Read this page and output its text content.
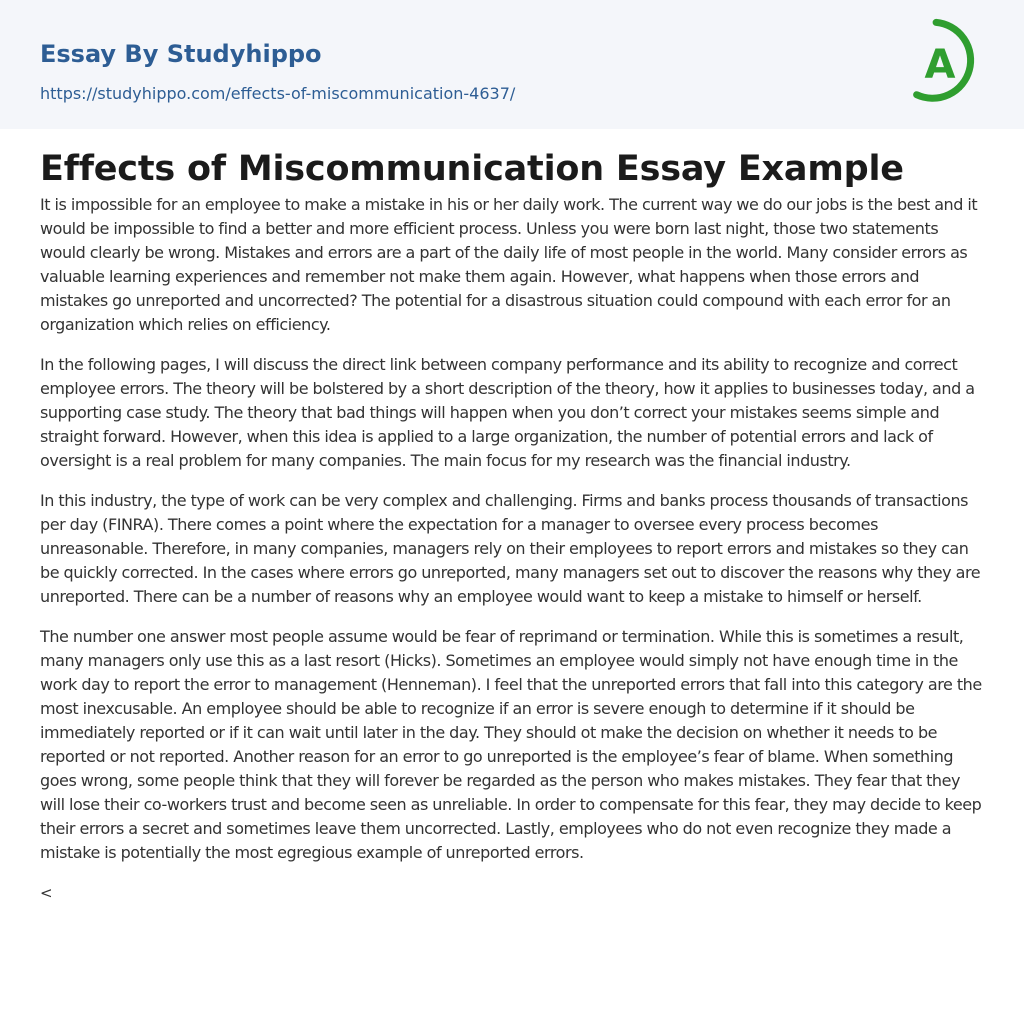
Essay By Studyhippo
https://studyhippo.com/effects-of-miscommunication-4637/
A
Effects of Miscommunication Essay Example

It is impossible for an employee to make a mistake in his or her daily work. The current way we do our jobs is the best and it would be impossible to find a better and more efficient process. Unless you were born last night, those two statements would clearly be wrong. Mistakes and errors are a part of the daily life of most people in the world. Many consider errors as valuable learning experiences and remember not make them again. However, what happens when those errors and mistakes go unreported and uncorrected? The potential for a disastrous situation could compound with each error for an organization which relies on efficiency.

In the following pages, I will discuss the direct link between company performance and its ability to recognize and correct employee errors. The theory will be bolstered by a short description of the theory, how it applies to businesses today, and a supporting case study. The theory that bad things will happen when you don’t correct your mistakes seems simple and straight forward. However, when this idea is applied to a large organization, the number of potential errors and lack of oversight is a real problem for many companies. The main focus for my research was the financial industry.

In this industry, the type of work can be very complex and challenging. Firms and banks process thousands of transactions per day (FINRA). There comes a point where the expectation for a manager to oversee every process becomes unreasonable. Therefore, in many companies, managers rely on their employees to report errors and mistakes so they can be quickly corrected. In the cases where errors go unreported, many managers set out to discover the reasons why they are unreported. There can be a number of reasons why an employee would want to keep a mistake to himself or herself.

The number one answer most people assume would be fear of reprimand or termination. While this is sometimes a result, many managers only use this as a last resort (Hicks). Sometimes an employee would simply not have enough time in the work day to report the error to management (Henneman). I feel that the unreported errors that fall into this category are the most inexcusable. An employee should be able to recognize if an error is severe enough to determine if it should be immediately reported or if it can wait until later in the day. They should ot make the decision on whether it needs to be reported or not reported. Another reason for an error to go unreported is the employee’s fear of blame. When something goes wrong, some people think that they will forever be regarded as the person who makes mistakes. They fear that they will lose their co-workers trust and become seen as unreliable. In order to compensate for this fear, they may decide to keep their errors a secret and sometimes leave them uncorrected. Lastly, employees who do not even recognize they made a mistake is potentially the most egregious example of unreported errors.

<
